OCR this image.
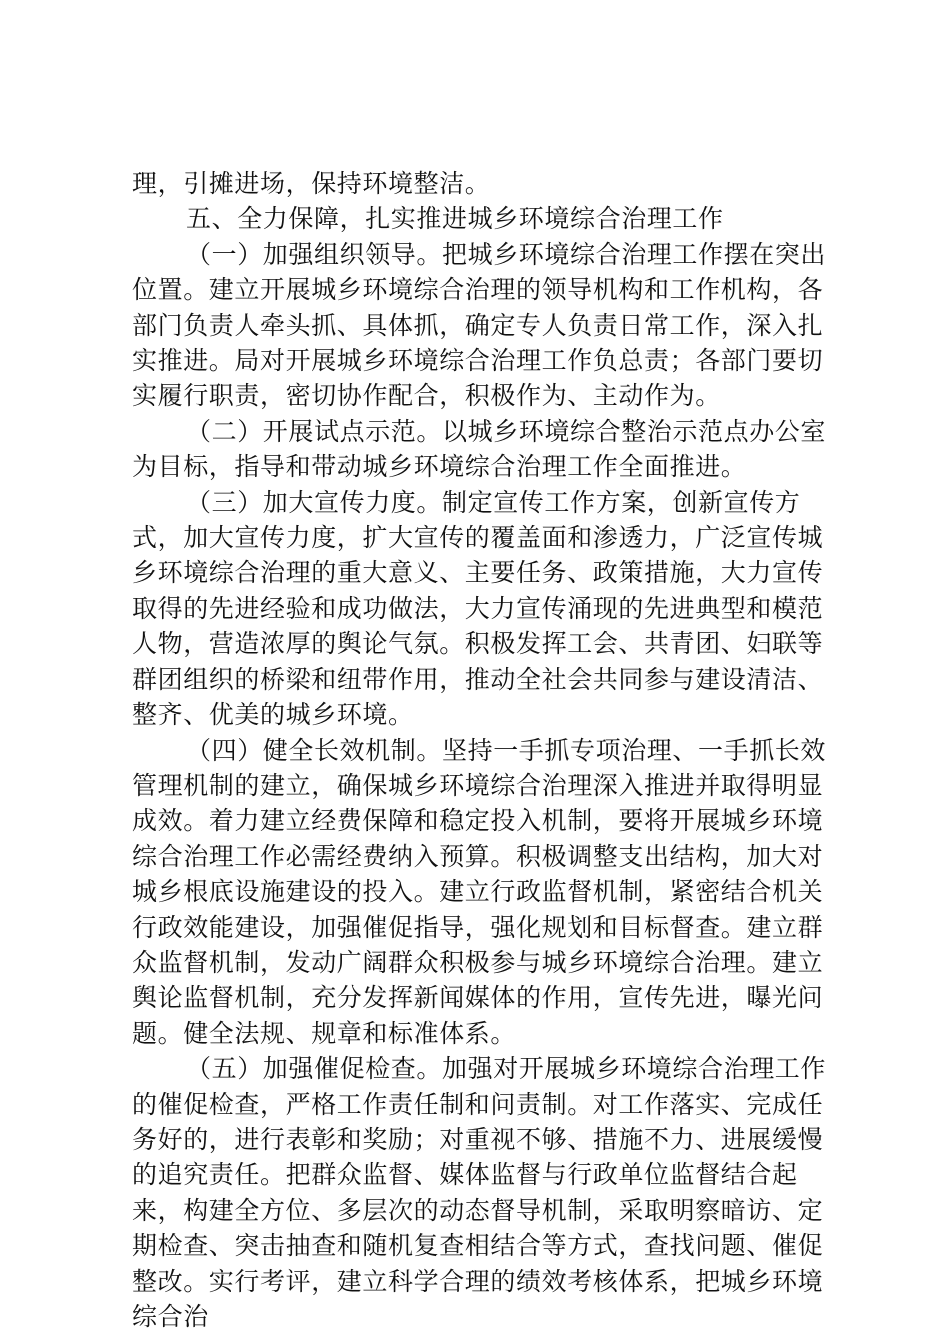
理，引摊进场，保持环境整洁。

五、全力保障，扎实推进城乡环境综合治理工作

（一）加强组织领导。把城乡环境综合治理工作摆在突出位置。建立开展城乡环境综合治理的领导机构和工作机构，各部门负责人牵头抓、具体抓，确定专人负责日常工作，深入扎实推进。局对开展城乡环境综合治理工作负总责；各部门要切实履行职责，密切协作配合，积极作为、主动作为。

（二）开展试点示范。以城乡环境综合整治示范点办公室为目标，指导和带动城乡环境综合治理工作全面推进。

（三）加大宣传力度。制定宣传工作方案，创新宣传方式，加大宣传力度，扩大宣传的覆盖面和渗透力，广泛宣传城乡环境综合治理的重大意义、主要任务、政策措施，大力宣传取得的先进经验和成功做法，大力宣传涌现的先进典型和模范人物，营造浓厚的舆论气氛。积极发挥工会、共青团、妇联等群团组织的桥梁和纽带作用，推动全社会共同参与建设清洁、整齐、优美的城乡环境。

（四）健全长效机制。坚持一手抓专项治理、一手抓长效管理机制的建立，确保城乡环境综合治理深入推进并取得明显成效。着力建立经费保障和稳定投入机制，要将开展城乡环境综合治理工作必需经费纳入预算。积极调整支出结构，加大对城乡根底设施建设的投入。建立行政监督机制，紧密结合机关行政效能建设，加强催促指导，强化规划和目标督查。建立群众监督机制，发动广阔群众积极参与城乡环境综合治理。建立舆论监督机制，充分发挥新闻媒体的作用，宣传先进，曝光问题。健全法规、规章和标准体系。

（五）加强催促检查。加强对开展城乡环境综合治理工作的催促检查，严格工作责任制和问责制。对工作落实、完成任务好的，进行表彰和奖励；对重视不够、措施不力、进展缓慢的追究责任。把群众监督、媒体监督与行政单位监督结合起来，构建全方位、多层次的动态督导机制，采取明察暗访、定期检查、突击抽查和随机复查相结合等方式，查找问题、催促整改。实行考评，建立科学合理的绩效考核体系，把城乡环境综合治
